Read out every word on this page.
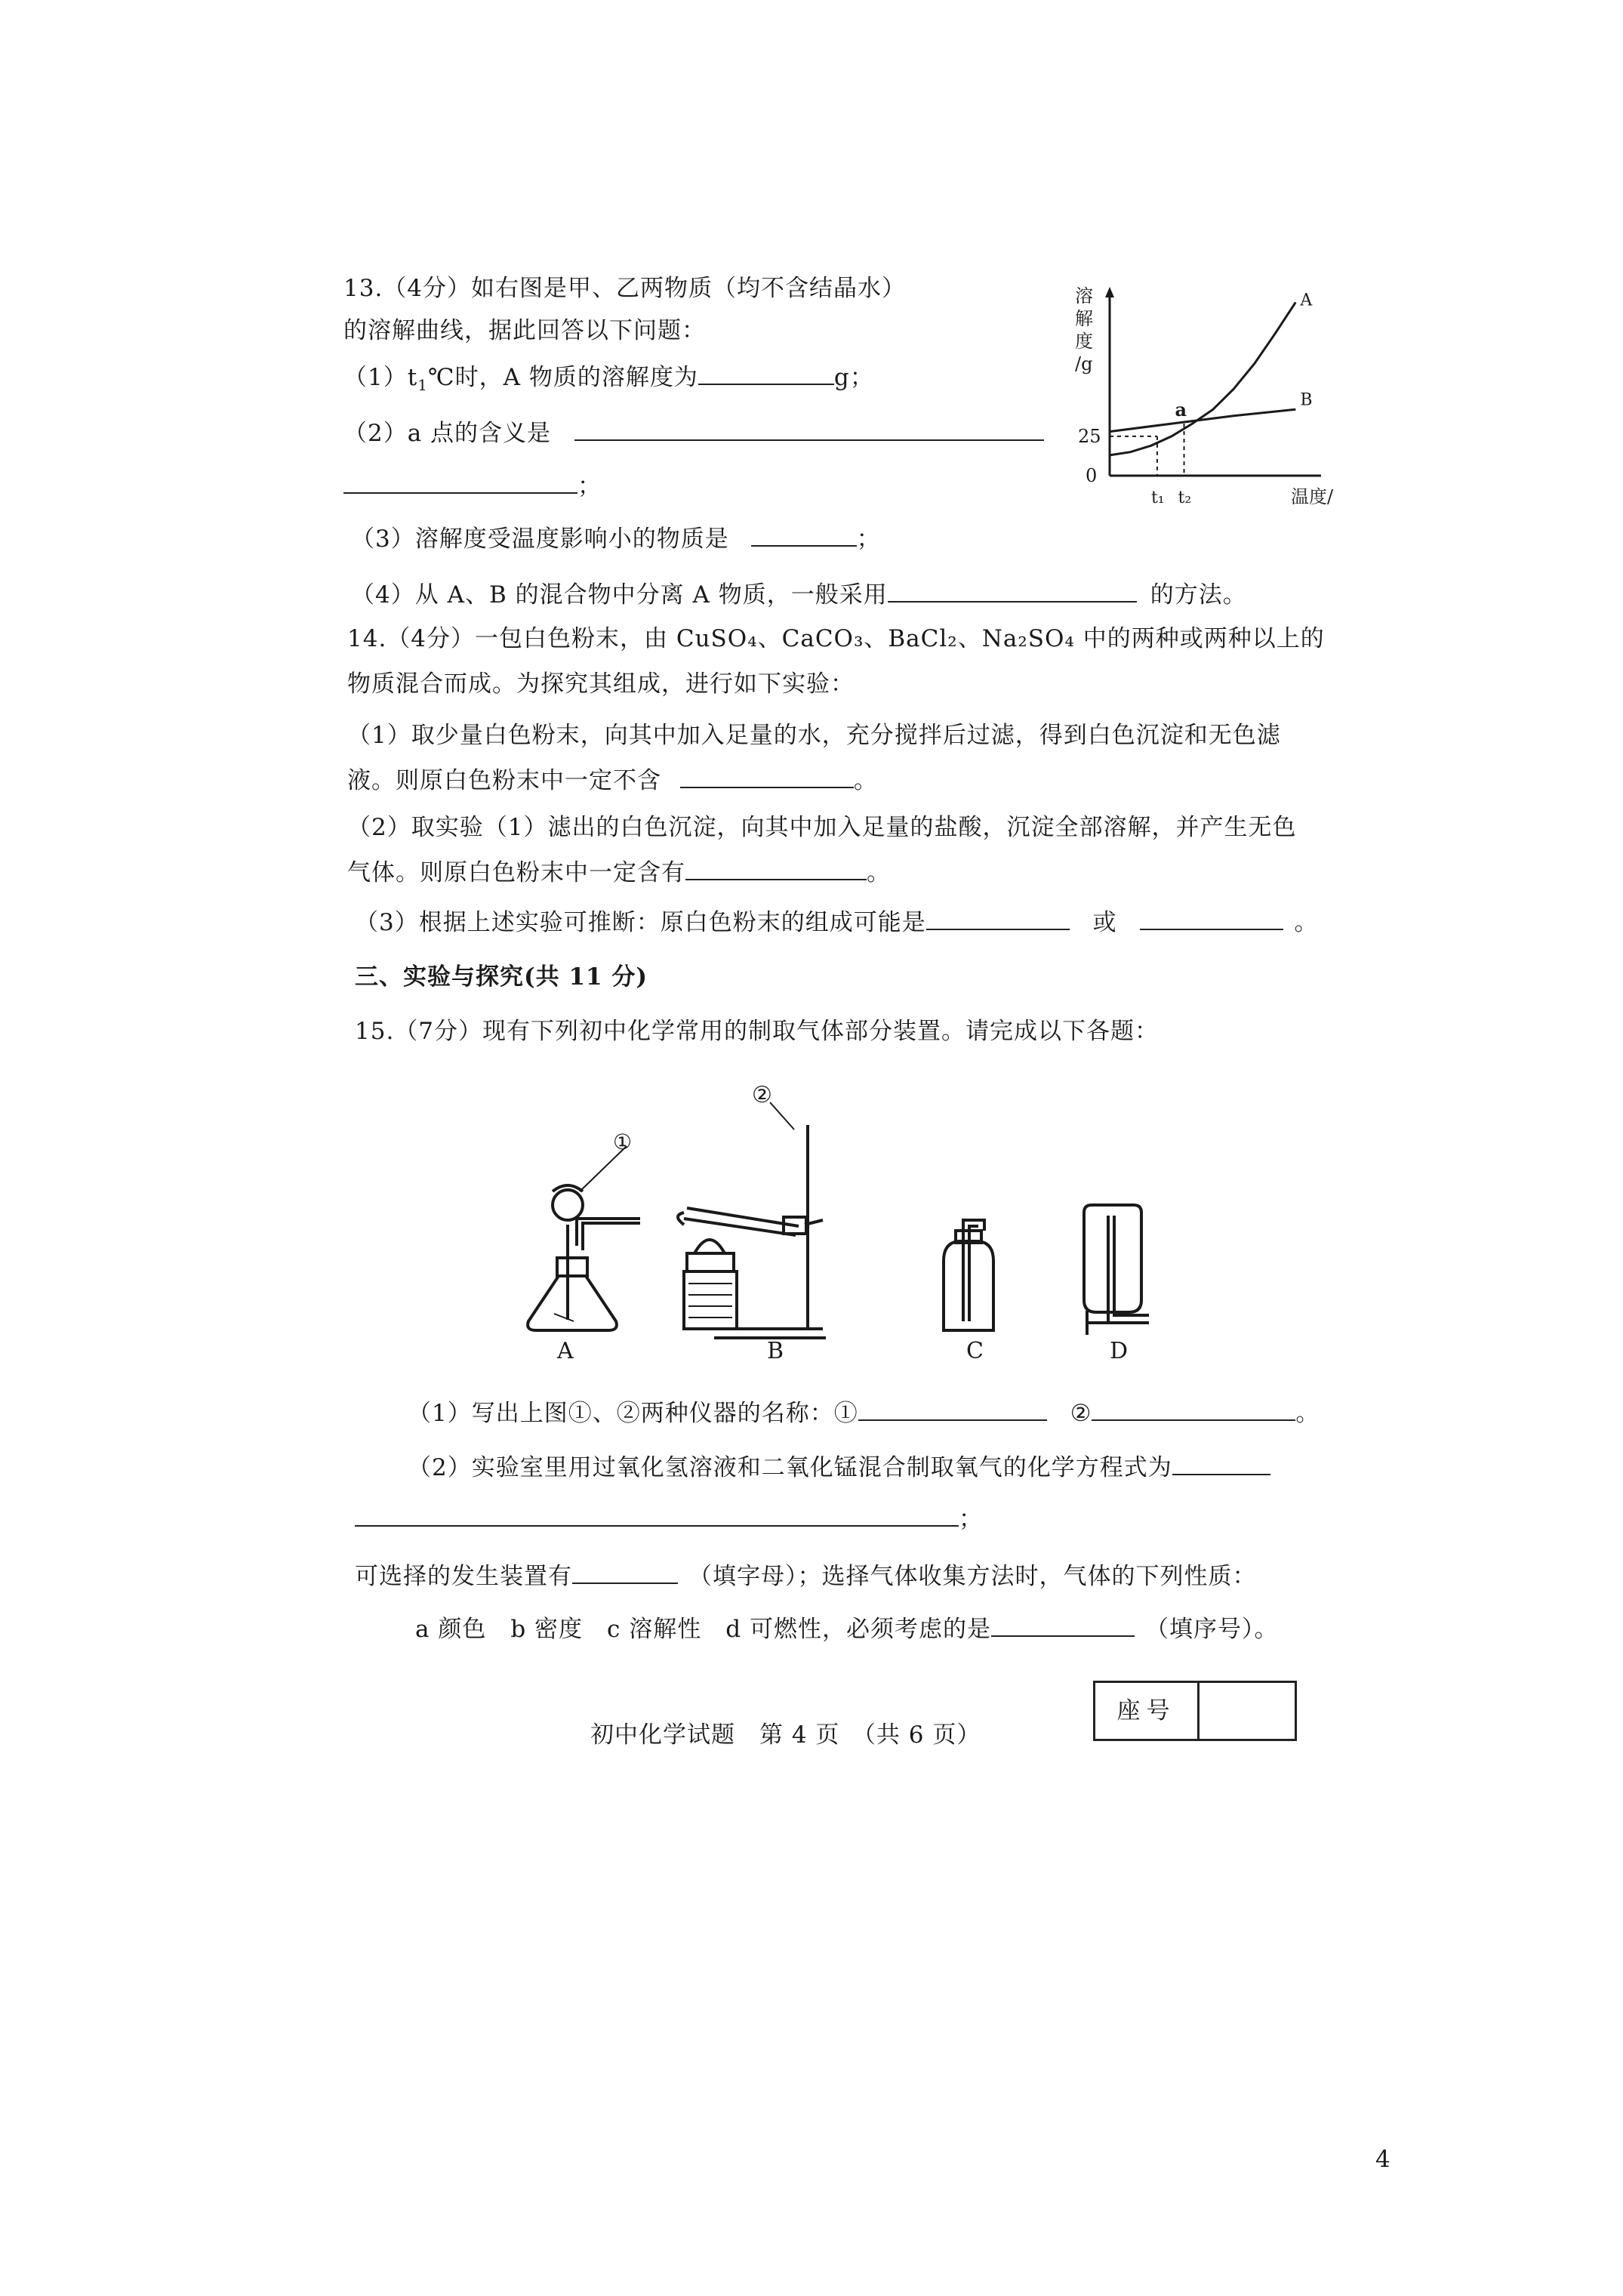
13.（4分）如右图是甲、乙两物质（均不含结晶水）
的溶解曲线，据此回答以下问题：
$(1)t_1℃$时，A 物质的溶解度为	g；
（2）a 点的含义是
；
（3）溶解度受温度影响小的物质是	；
（4）从 A、B 的混合物中分离 A 物质，一般采用	的方法。
溶
解
度
/g
温度/
0
25
t₁ t₂
A
B
a
14.（4分）一包白色粉末，由 CuSO₄、CaCO₃、BaCl₂、Na₂SO₄ 中的两种或两种以上的
物质混合而成。为探究其组成，进行如下实验：
（1）取少量白色粉末，向其中加入足量的水，充分搅拌后过滤，得到白色沉淀和无色滤
液。则原白色粉末中一定不含	。
（2）取实验（1）滤出的白色沉淀，向其中加入足量的盐酸，沉淀全部溶解，并产生无色
气体。则原白色粉末中一定含有	。
（3）根据上述实验可推断：原白色粉末的组成可能是	或	。
三、实验与探究(共 11 分)
15.（7分）现有下列初中化学常用的制取气体部分装置。请完成以下各题：
①
②
A	B	C	D
（1）写出上图①、②两种仪器的名称：①	②	。
（2）实验室里用过氧化氢溶液和二氧化锰混合制取氧气的化学方程式为
；
可选择的发生装置有	（填字母）；选择气体收集方法时，气体的下列性质：
a 颜色　b 密度　c 溶解性　d 可燃性，必须考虑的是	（填序号）。
座号
初中化学试题　第 4 页　（共 6 页）
4
